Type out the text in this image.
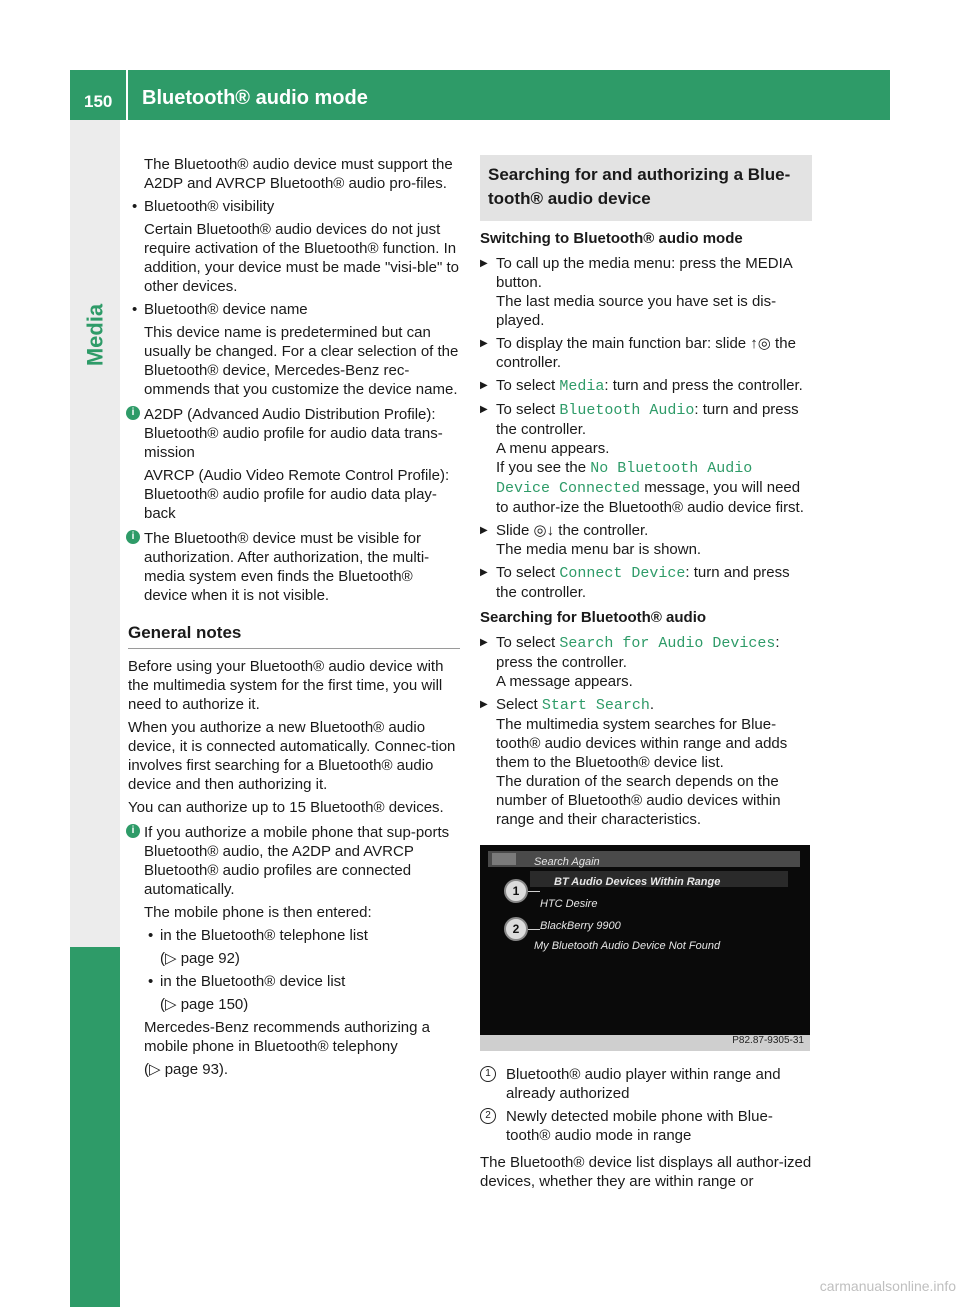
150 Bluetooth® audio mode
Media

The Bluetooth® audio device must support the A2DP and AVRCP Bluetooth® audio pro-files.

• Bluetooth® visibility

Certain Bluetooth® audio devices do not just require activation of the Bluetooth® function. In addition, your device must be made "visi-ble" to other devices.

• Bluetooth® device name

This device name is predetermined but can usually be changed. For a clear selection of the Bluetooth® device, Mercedes-Benz rec-ommends that you customize the device name.

i A2DP (Advanced Audio Distribution Profile): Bluetooth® audio profile for audio data trans-mission

AVRCP (Audio Video Remote Control Profile): Bluetooth® audio profile for audio data play-back

i The Bluetooth® device must be visible for authorization. After authorization, the multi-media system even finds the Bluetooth® device when it is not visible.

General notes

Before using your Bluetooth® audio device with the multimedia system for the first time, you will need to authorize it.

When you authorize a new Bluetooth® audio device, it is connected automatically. Connec-tion involves first searching for a Bluetooth® audio device and then authorizing it.

You can authorize up to 15 Bluetooth® devices.

i If you authorize a mobile phone that sup-ports Bluetooth® audio, the A2DP and AVRCP Bluetooth® audio profiles are connected automatically.

The mobile phone is then entered:

• in the Bluetooth® telephone list

(▷ page 92)

• in the Bluetooth® device list

(▷ page 150)

Mercedes-Benz recommends authorizing a mobile phone in Bluetooth® telephony

(▷ page 93).

Searching for and authorizing a Blue-tooth® audio device
Switching to Bluetooth® audio mode
▶ To call up the media menu: press the MEDIA button.
The last media source you have set is dis-played.
▶ To display the main function bar: slide ↑◎ the controller.
▶ To select Media: turn and press the controller.
▶ To select Bluetooth Audio: turn and press the controller.
A menu appears.
If you see the No Bluetooth Audio Device Connected message, you will need to author-ize the Bluetooth® audio device first.
▶ Slide ◎↓ the controller.
The media menu bar is shown.
▶ To select Connect Device: turn and press the controller.
Searching for Bluetooth® audio
▶ To select Search for Audio Devices: press the controller.
A message appears.
▶ Select Start Search.
The multimedia system searches for Blue-tooth® audio devices within range and adds them to the Bluetooth® device list.
The duration of the search depends on the number of Bluetooth® audio devices within range and their characteristics.
Search Again
BT Audio Devices Within Range
HTC Desire
BlackBerry 9900
My Bluetooth Audio Device Not Found
1
2
P82.87-9305-31
1	Bluetooth® audio player within range and already authorized
2	Newly detected mobile phone with Blue-tooth® audio mode in range

The Bluetooth® device list displays all author-ized devices, whether they are within range or

carmanualsonline.info
